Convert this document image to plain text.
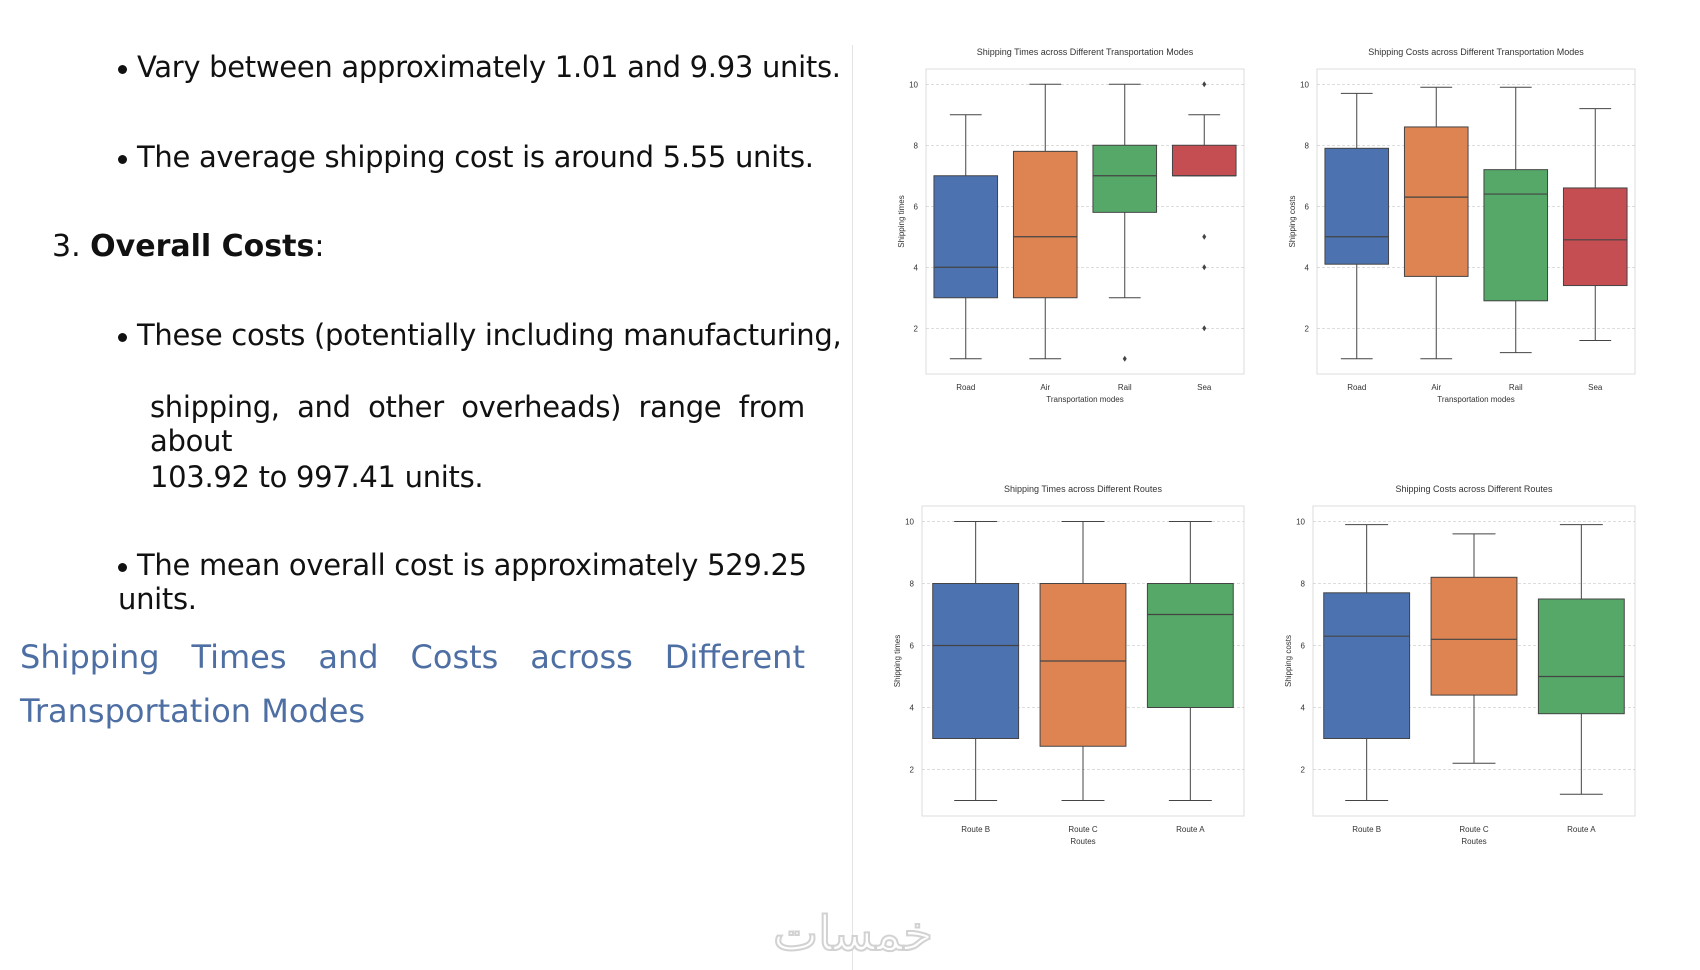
Vary between approximately 1.01 and 9.93 units.
The average shipping cost is around 5.55 units.
3. Overall Costs:
These costs (potentially including manufacturing,
shipping, and other overheads) range from about
103.92 to 997.41 units.
The mean overall cost is approximately 529.25 units.
Shipping Times and Costs across Different Transportation Modes
Shipping Times across Different Transportation Modes
2
4
6
8
10
Shipping times
Road	Air	Rail	Sea
Transportation modes
Shipping Costs across Different Transportation Modes
2
4
6
8
10
Shipping costs
Road	Air	Rail	Sea
Transportation modes
Shipping Times across Different Routes
2
4
6
8
10
Shipping times
Route B	Route C	Route A
Routes
Shipping Costs across Different Routes
2
4
6
8
10
Shipping costs
Route B	Route C	Route A
Routes
خمسات
